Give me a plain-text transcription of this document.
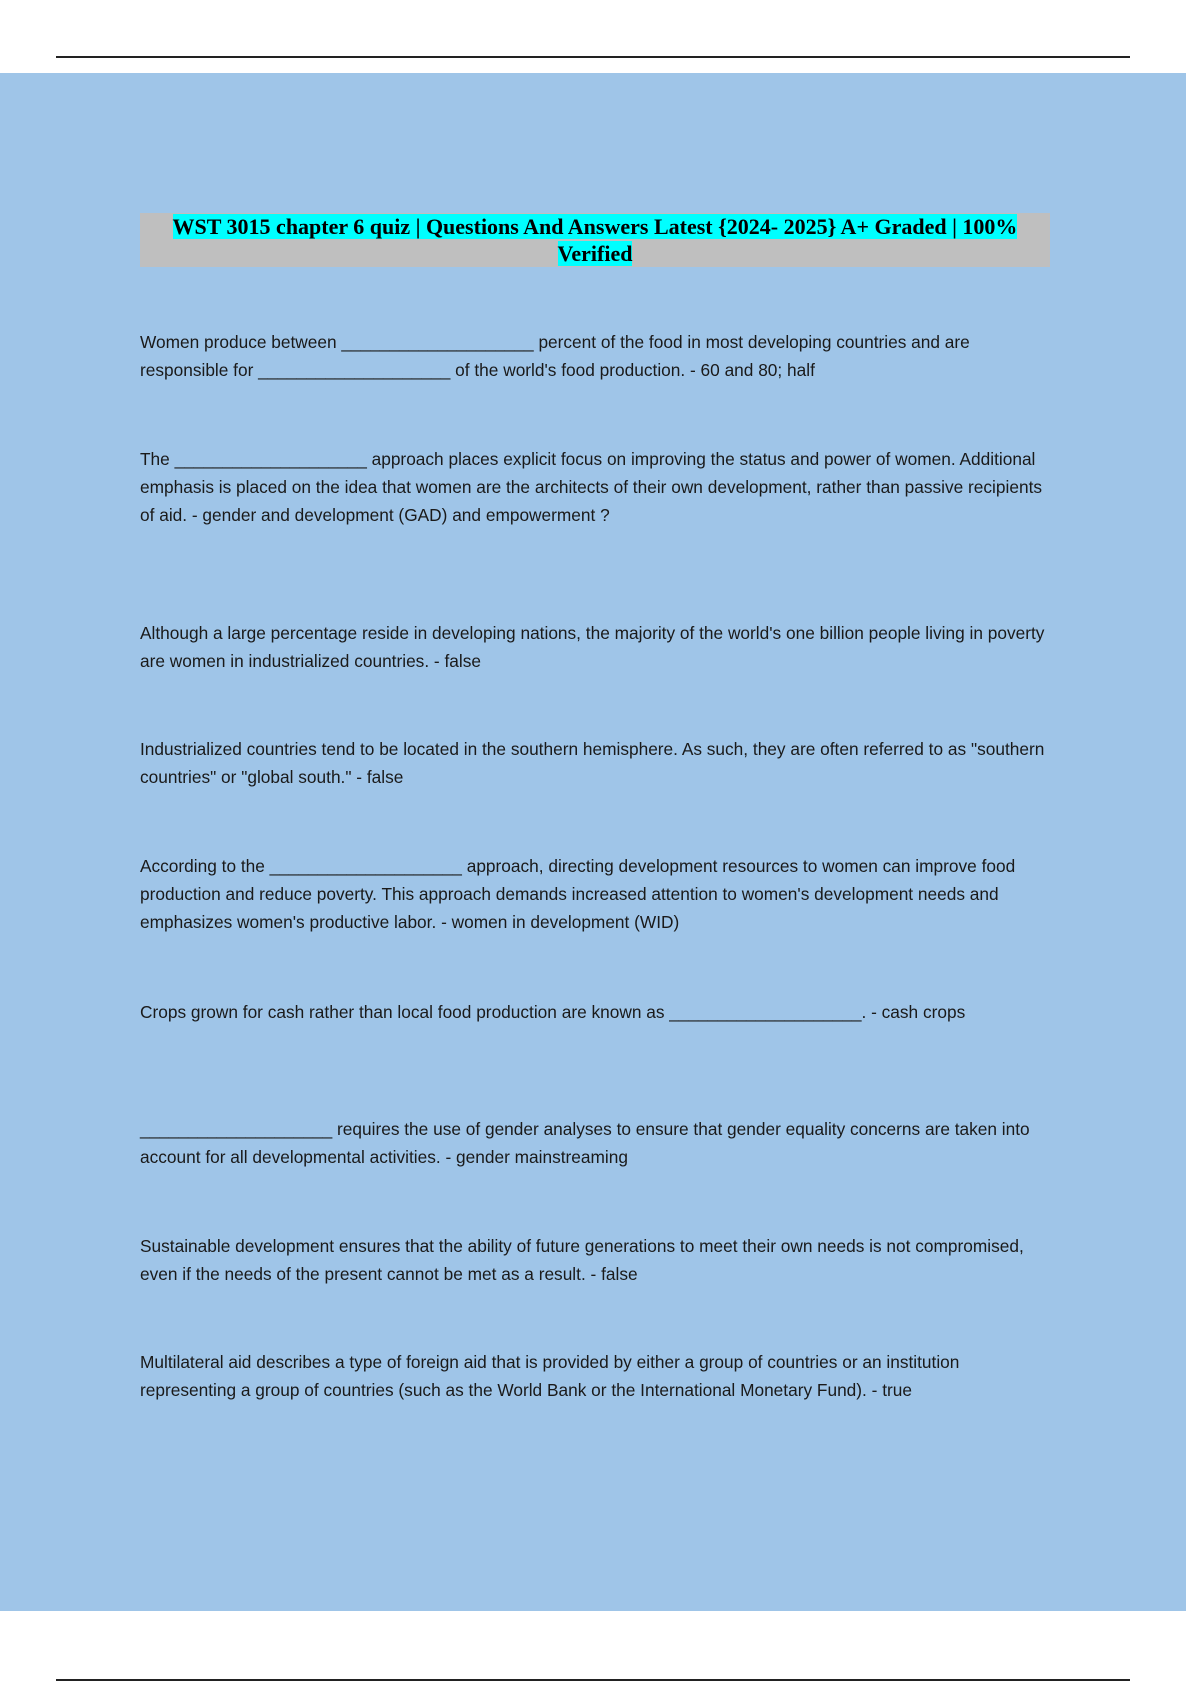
WST 3015 chapter 6 quiz | Questions And Answers Latest {2024- 2025} A+ Graded | 100% Verified

Women produce between ____________________ percent of the food in most developing countries and are responsible for ____________________ of the world's food production. - 60 and 80; half

The ____________________ approach places explicit focus on improving the status and power of women. Additional emphasis is placed on the idea that women are the architects of their own development, rather than passive recipients of aid. - gender and development (GAD) and empowerment ?

Although a large percentage reside in developing nations, the majority of the world's one billion people living in poverty are women in industrialized countries. - false

Industrialized countries tend to be located in the southern hemisphere. As such, they are often referred to as "southern countries" or "global south." - false

According to the ____________________ approach, directing development resources to women can improve food production and reduce poverty. This approach demands increased attention to women's development needs and emphasizes women's productive labor. - women in development (WID)

Crops grown for cash rather than local food production are known as ____________________. - cash crops

____________________ requires the use of gender analyses to ensure that gender equality concerns are taken into account for all developmental activities. - gender mainstreaming

Sustainable development ensures that the ability of future generations to meet their own needs is not compromised, even if the needs of the present cannot be met as a result. - false

Multilateral aid describes a type of foreign aid that is provided by either a group of countries or an institution representing a group of countries (such as the World Bank or the International Monetary Fund). - true
